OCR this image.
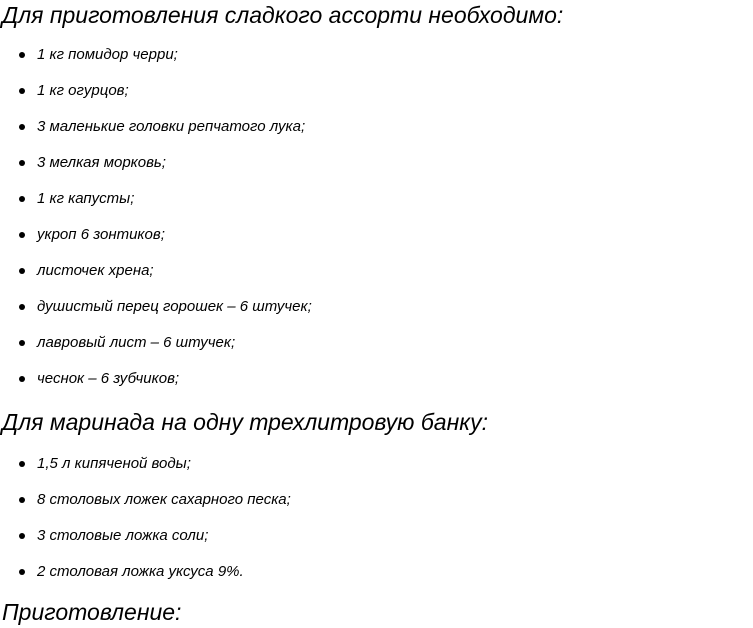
Для приготовления сладкого ассорти необходимо:
1 кг помидор черри;
1 кг огурцов;
3 маленькие головки репчатого лука;
3 мелкая морковь;
1 кг капусты;
укроп 6 зонтиков;
листочек хрена;
душистый перец горошек – 6 штучек;
лавровый лист – 6 штучек;
чеснок – 6 зубчиков;
Для маринада на одну трехлитровую банку:
1,5 л кипяченой воды;
8 столовых ложек сахарного песка;
3 столовые ложка соли;
2 столовая ложка уксуса 9%.
Приготовление:
